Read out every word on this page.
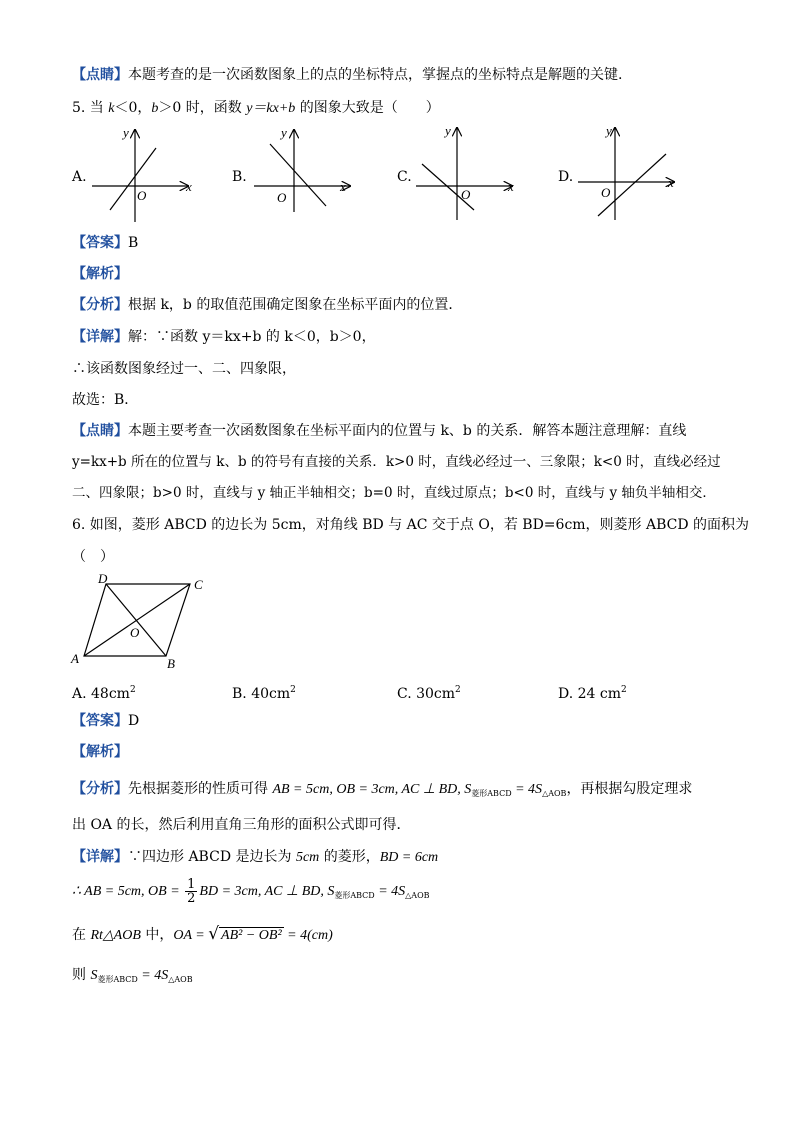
【点睛】本题考查的是一次函数图象上的点的坐标特点，掌握点的坐标特点是解题的关键.
5. 当 k＜0，b＞0 时，函数 y＝kx+b 的图象大致是（　　）
A.	B.	C.	D.
y
x
O
y
x
O
y
x
O
y
x
O
【答案】B
【解析】
【分析】根据 k，b 的取值范围确定图象在坐标平面内的位置．
【详解】解：∵函数 y＝kx+b 的 k＜0，b＞0，
∴该函数图象经过一、二、四象限，
故选：B．
【点睛】本题主要考查一次函数图象在坐标平面内的位置与 k、b 的关系．解答本题注意理解：直线
y=kx+b 所在的位置与 k、b 的符号有直接的关系．k>0 时，直线必经过一、三象限；k<0 时，直线必经过
二、四象限；b>0 时，直线与 y 轴正半轴相交；b=0 时，直线过原点；b<0 时，直线与 y 轴负半轴相交．
6. 如图，菱形 ABCD 的边长为 5cm，对角线 BD 与 AC 交于点 O，若 BD=6cm，则菱形 ABCD 的面积为
（　）
D	C
A	B
O
A. $48cm^2$	B. $40cm^2$	C. $30cm^2$	D. 24 $cm^2$
【答案】D
【解析】
【分析】先根据菱形的性质可得 AB = 5cm, OB = 3cm, AC ⊥ BD, $S_{菱形ABCD} = 4S_{\triangle AOB}$，再根据勾股定理求
出 OA 的长，然后利用直角三角形的面积公式即可得．
【详解】∵四边形 ABCD 是边长为 5cm 的菱形，BD = 6cm
∴ AB = 5cm, OB = $\frac{1}{2}$ BD = 3cm, AC ⊥ BD, $S_{菱形ABCD} = 4S_{\triangle AOB}$
在 Rt△AOB 中，OA = √ AB² − OB² = 4(cm)
则 $S_{菱形ABCD} = 4S_{\triangle AOB}$
